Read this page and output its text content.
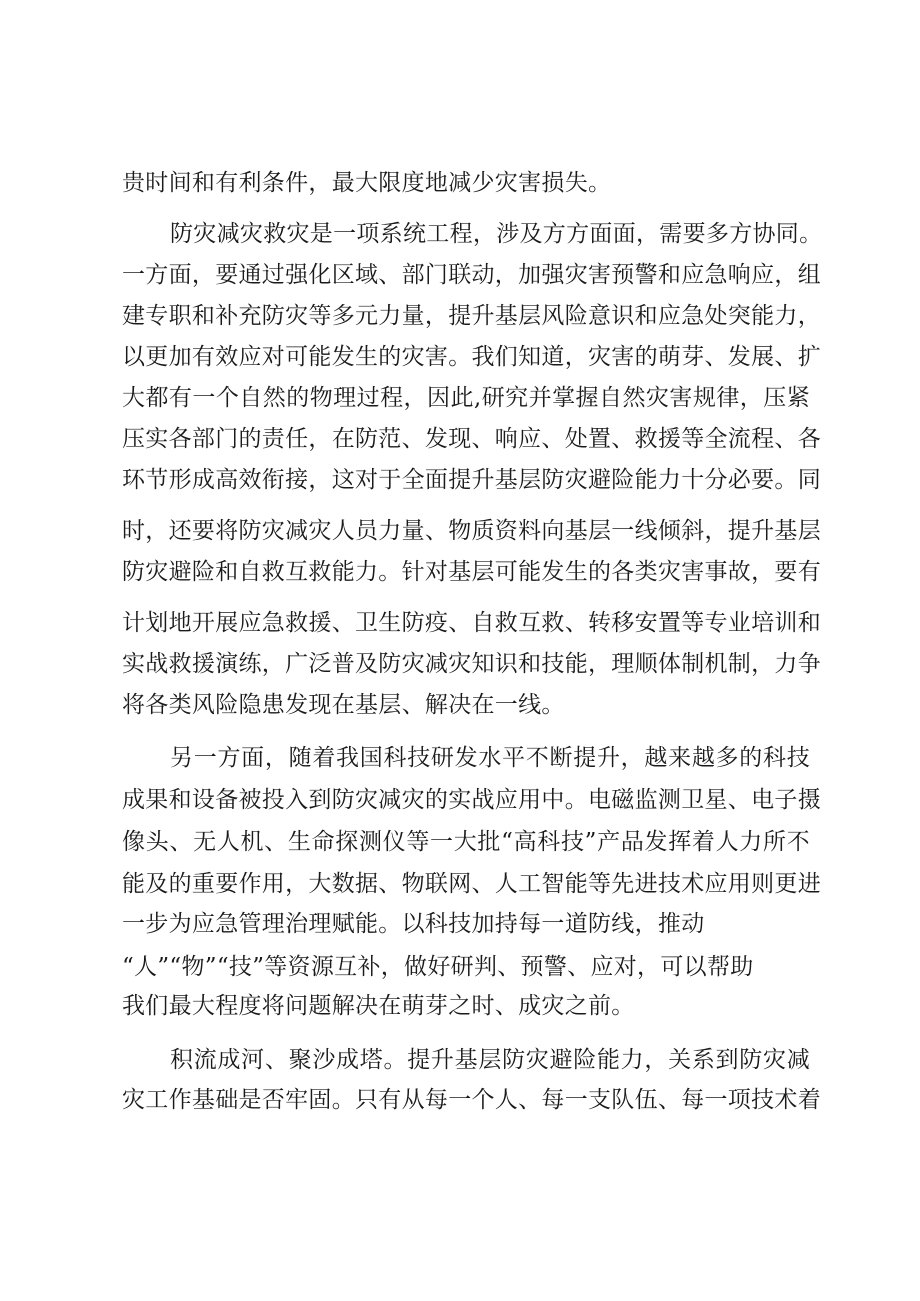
贵时间和有利条件，最大限度地减少灾害损失。
防灾减灾救灾是一项系统工程，涉及方方面面，需要多方协同。
一方面，要通过强化区域、部门联动，加强灾害预警和应急响应，组
建专职和补充防灾等多元力量，提升基层风险意识和应急处突能力，
以更加有效应对可能发生的灾害。我们知道，灾害的萌芽、发展、扩
大都有一个自然的物理过程，因此,研究并掌握自然灾害规律，压紧
压实各部门的责任，在防范、发现、响应、处置、救援等全流程、各
环节形成高效衔接，这对于全面提升基层防灾避险能力十分必要。同
时，还要将防灾减灾人员力量、物质资料向基层一线倾斜，提升基层
防灾避险和自救互救能力。针对基层可能发生的各类灾害事故，要有
计划地开展应急救援、卫生防疫、自救互救、转移安置等专业培训和
实战救援演练，广泛普及防灾减灾知识和技能，理顺体制机制，力争
将各类风险隐患发现在基层、解决在一线。
另一方面，随着我国科技研发水平不断提升，越来越多的科技
成果和设备被投入到防灾减灾的实战应用中。电磁监测卫星、电子摄
像头、无人机、生命探测仪等一大批“高科技”产品发挥着人力所不
能及的重要作用，大数据、物联网、人工智能等先进技术应用则更进
一步为应急管理治理赋能。以科技加持每一道防线，推动
“人”“物”“技”等资源互补，做好研判、预警、应对，可以帮助
我们最大程度将问题解决在萌芽之时、成灾之前。
积流成河、聚沙成塔。提升基层防灾避险能力，关系到防灾减
灾工作基础是否牢固。只有从每一个人、每一支队伍、每一项技术着
